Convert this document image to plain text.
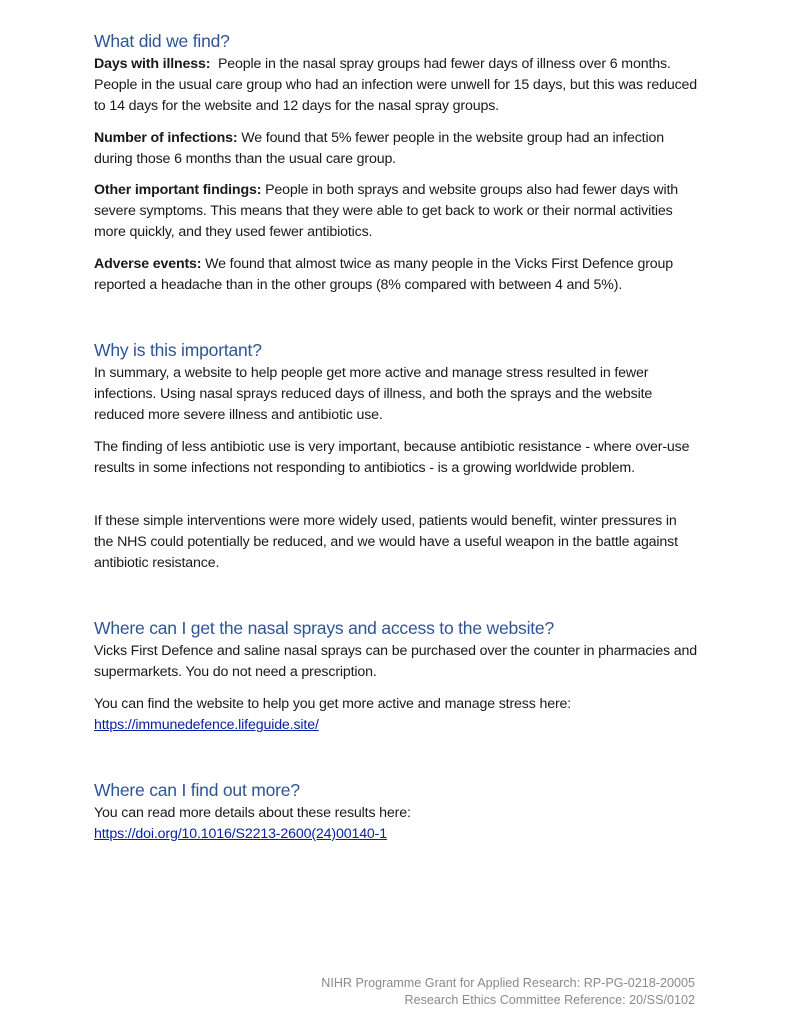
What did we find?
Days with illness:  People in the nasal spray groups had fewer days of illness over 6 months. People in the usual care group who had an infection were unwell for 15 days, but this was reduced to 14 days for the website and 12 days for the nasal spray groups.
Number of infections: We found that 5% fewer people in the website group had an infection during those 6 months than the usual care group.
Other important findings: People in both sprays and website groups also had fewer days with severe symptoms. This means that they were able to get back to work or their normal activities more quickly, and they used fewer antibiotics.
Adverse events: We found that almost twice as many people in the Vicks First Defence group reported a headache than in the other groups (8% compared with between 4 and 5%).
Why is this important?
In summary, a website to help people get more active and manage stress resulted in fewer infections. Using nasal sprays reduced days of illness, and both the sprays and the website reduced more severe illness and antibiotic use.
The finding of less antibiotic use is very important, because antibiotic resistance - where over-use results in some infections not responding to antibiotics - is a growing worldwide problem.
If these simple interventions were more widely used, patients would benefit, winter pressures in the NHS could potentially be reduced, and we would have a useful weapon in the battle against antibiotic resistance.
Where can I get the nasal sprays and access to the website?
Vicks First Defence and saline nasal sprays can be purchased over the counter in pharmacies and supermarkets. You do not need a prescription.
You can find the website to help you get more active and manage stress here:
https://immunedefence.lifeguide.site/
Where can I find out more?
You can read more details about these results here:
https://doi.org/10.1016/S2213-2600(24)00140-1
NIHR Programme Grant for Applied Research: RP-PG-0218-20005
Research Ethics Committee Reference: 20/SS/0102
